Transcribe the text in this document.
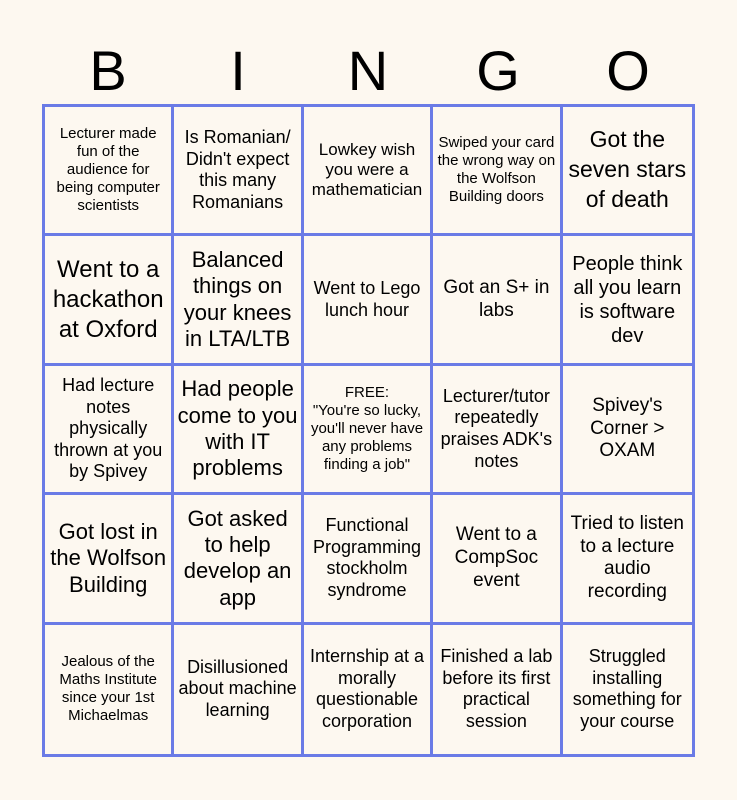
B	I	N	G	O
Lecturer made fun of the audience for being computer scientists
Is Romanian/ Didn't expect this many Romanians
Lowkey wish you were a mathematician
Swiped your card the wrong way on the Wolfson Building doors
Got the seven stars of death
Went to a hackathon at Oxford
Balanced things on your knees in LTA/LTB
Went to Lego lunch hour
Got an S+ in labs
People think all you learn is software dev
Had lecture notes physically thrown at you by Spivey
Had people come to you with IT problems
FREE:
"You're so lucky, you'll never have any problems finding a job"
Lecturer/tutor repeatedly praises ADK's notes
Spivey's Corner > OXAM
Got lost in the Wolfson Building
Got asked to help develop an app
Functional Programming stockholm syndrome
Went to a CompSoc event
Tried to listen to a lecture audio recording
Jealous of the Maths Institute since your 1st Michaelmas
Disillusioned about machine learning
Internship at a morally questionable corporation
Finished a lab before its first practical session
Struggled installing something for your course
